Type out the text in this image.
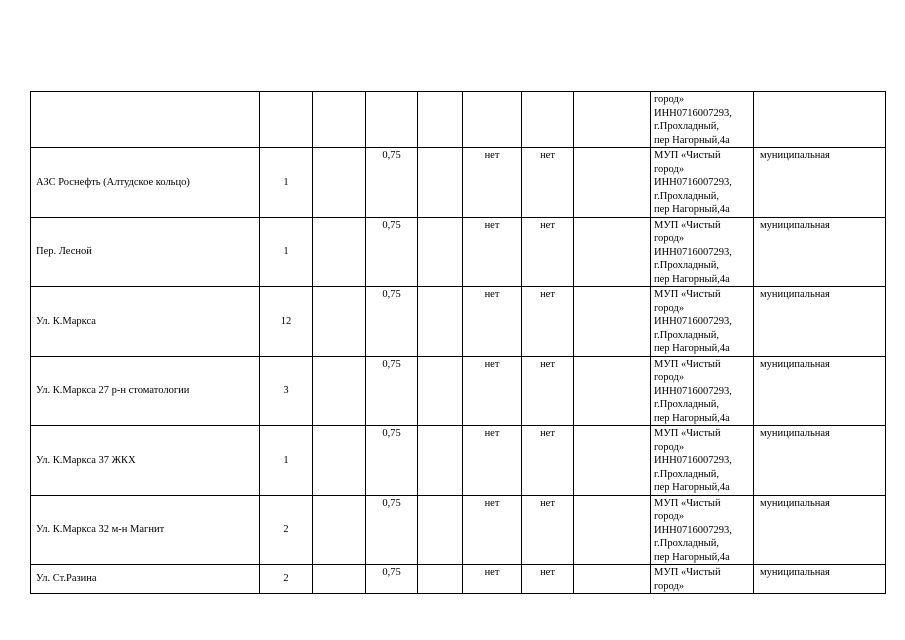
								город»
ИНН0716007293,
г.Прохладный,
пер Нагорный,4а	

АЗС Роснефть (Алтудское кольцо)	1		0,75		нет	нет		МУП «Чистый
город»
ИНН0716007293,
г.Прохладный,
пер Нагорный,4а	муниципальная
Пер. Лесной	1		0,75		нет	нет		МУП «Чистый
город»
ИНН0716007293,
г.Прохладный,
пер Нагорный,4а	муниципальная
Ул. К.Маркса	12		0,75		нет	нет		МУП «Чистый
город»
ИНН0716007293,
г.Прохладный,
пер Нагорный,4а	муниципальная
Ул. К.Маркса 27 р-н стоматологии	3		0,75		нет	нет		МУП «Чистый
город»
ИНН0716007293,
г.Прохладный,
пер Нагорный,4а	муниципальная
Ул. К.Маркса 37 ЖКХ	1		0,75		нет	нет		МУП «Чистый
город»
ИНН0716007293,
г.Прохладный,
пер Нагорный,4а	муниципальная
Ул. К.Маркса 32 м-н Магнит	2		0,75		нет	нет		МУП «Чистый
город»
ИНН0716007293,
г.Прохладный,
пер Нагорный,4а	муниципальная
Ул. Ст.Разина	2		0,75		нет	нет		МУП «Чистый
город»	муниципальная
